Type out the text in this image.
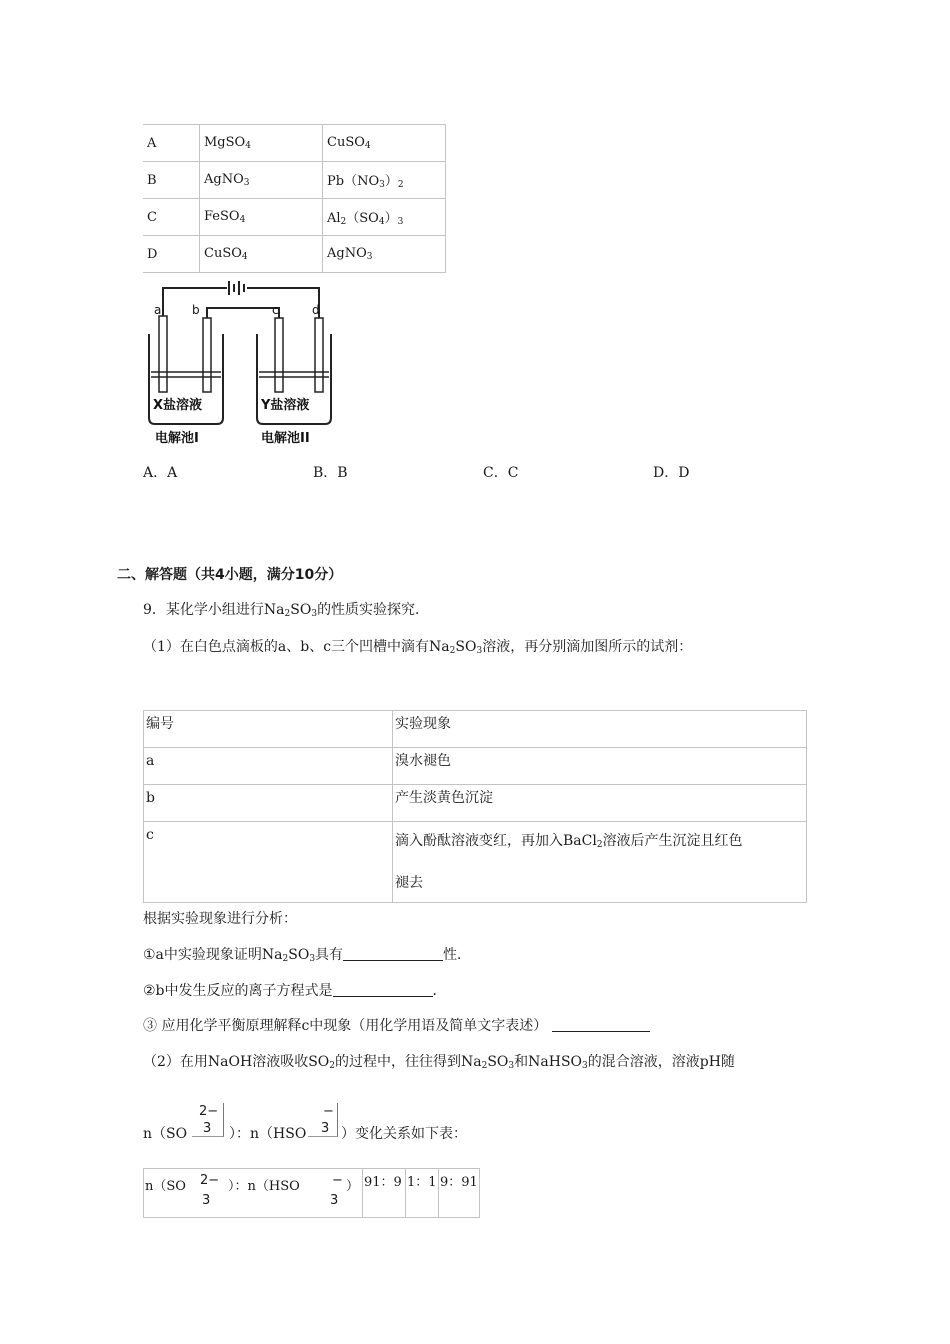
A	MgSO$_4$	CuSO$_4$
B	AgNO$_3$	$Pb(NO_3)_2$
C	FeSO$_4$	$Al_2(SO_4)_3$
D	CuSO$_4$	AgNO$_3$
a	b	c	d
X盐溶液	Y盐溶液
电解池I	电解池II
A．A	B．B	C．C	D．D
二、解答题（共4小题，满分10分）
9．某化学小组进行$Na_2SO_3$的性质实验探究．
（1）在白色点滴板的a、b、c三个凹槽中滴有$Na_2SO_3$溶液，再分别滴加图所示的试剂：
编号	实验现象
a	溴水褪色
b	产生淡黄色沉淀
c	滴入酚酞溶液变红，再加入BaCl$_2$溶液后产生沉淀且红色
褪去
根据实验现象进行分析：
①a中实验现象证明$Na_2SO_3$具有	性．
②b中发生反应的离子方程式是	．
③ 应用化学平衡原理解释c中现象（用化学用语及简单文字表述）
（2）在用NaOH溶液吸收$SO_2$的过程中，往往得到$Na_2SO_3$和NaHSO$_3$的混合溶液，溶液pH随
n（SO
2−
3 ）：n（HSO
−
3 ）变化关系如下表：
n（SO 2−
3
）：n（HSO −
3
）	91：9	1：1	9：91
